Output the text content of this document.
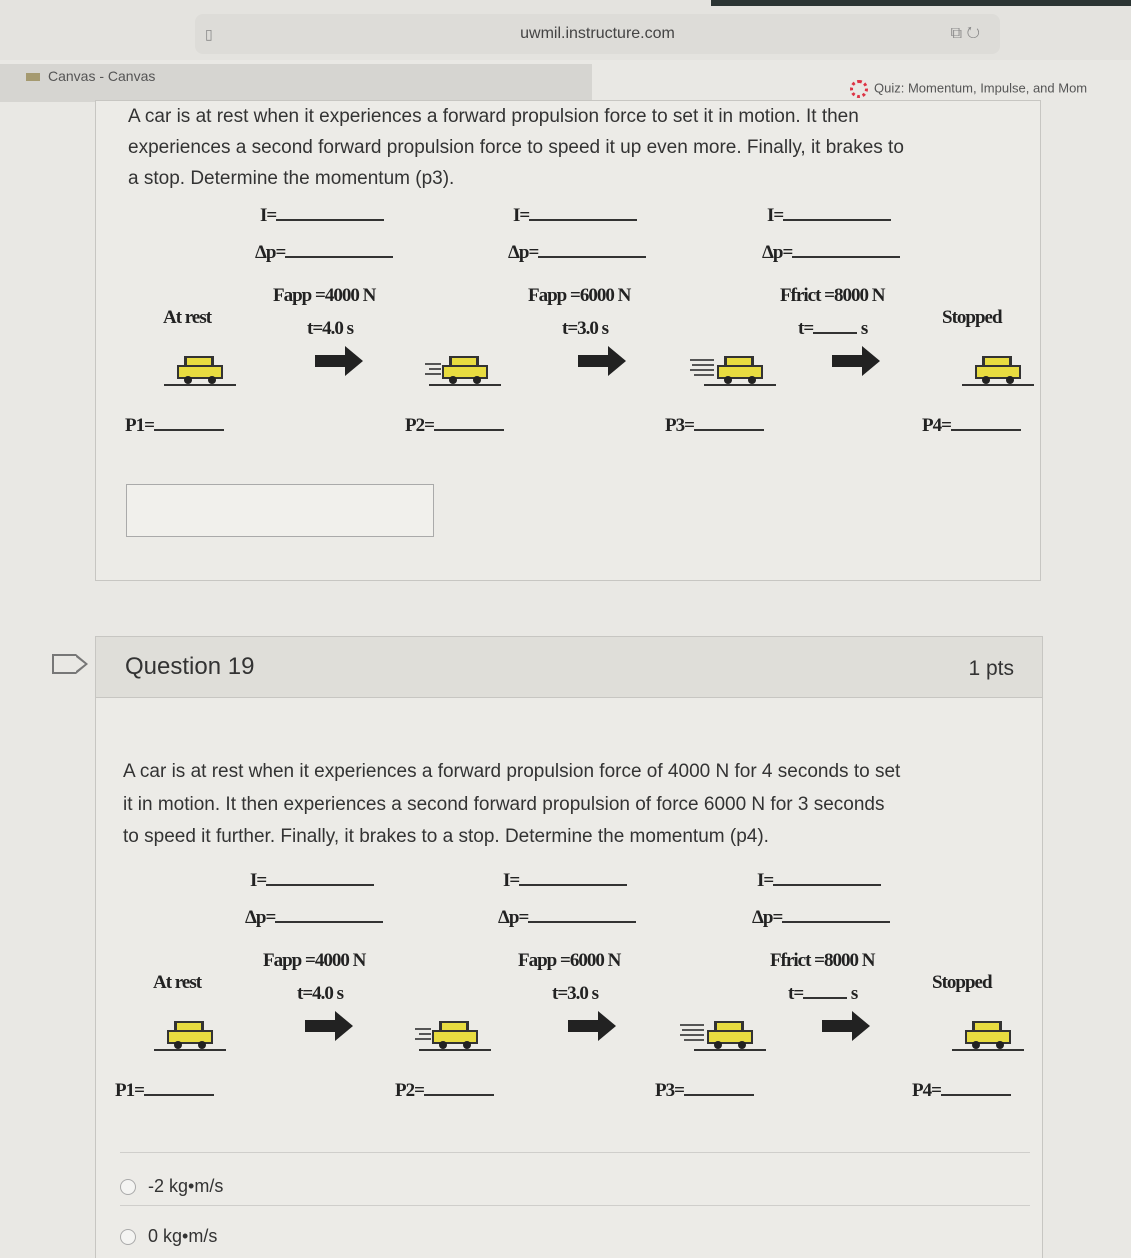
▯	uwmil.instructure.com	⧉ ↻
Canvas - Canvas
Quiz: Momentum, Impulse, and Mom
A car is at rest when it experiences a forward propulsion force to set it in motion. It then
experiences a second forward propulsion force to speed it up even more. Finally, it brakes to
a stop. Determine the momentum (p3).
Question 19	1 pts
A car is at rest when it experiences a forward propulsion force of 4000 N for 4 seconds to set
it in motion. It then experiences a second forward propulsion of force 6000 N for 3 seconds
to speed it further. Finally, it brakes to a stop. Determine the momentum (p4).
-2 kg•m/s
0 kg•m/s
I=
Δp=
I=
Δp=
I=
Δp=
Fapp =4000 N
t=4.0 s
Fapp =6000 N
t=3.0 s
Ffrict =8000 N
t=	s
At rest	Stopped
P1=	P2=	P3=	P4=
I=
Δp=
I=
Δp=
I=
Δp=
Fapp =4000 N
t=4.0 s
Fapp =6000 N
t=3.0 s
Ffrict =8000 N
t=	s
At rest	Stopped
P1=	P2=	P3=	P4=
